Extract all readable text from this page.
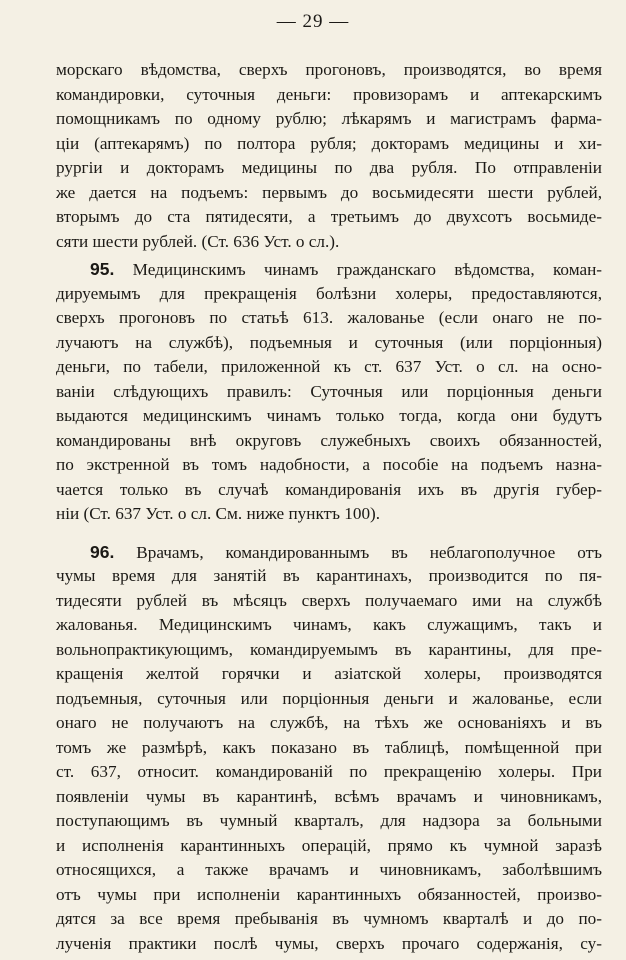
— 29 —
морскаго вѣдомства, сверхъ прогоновъ, производятся, во время
командировки, суточныя деньги: провизорамъ и аптекарскимъ
помощникамъ по одному рублю; лѣкарямъ и магистрамъ фарма-
ціи (аптекарямъ) по полтора рубля; докторамъ медицины и хи-
рургіи и докторамъ медицины по два рубля. По отправленіи
же дается на подъемъ: первымъ до восьмидесяти шести рублей,
вторымъ до ста пятидесяти, а третьимъ до двухсотъ восьмиде-
сяти шести рублей. (Ст. 636 Уст. о сл.).
95. Медицинскимъ чинамъ гражданскаго вѣдомства, коман-
дируемымъ для прекращенія болѣзни холеры, предоставляются,
сверхъ прогоновъ по статьѣ 613. жалованье (если онаго не по-
лучаютъ на службѣ), подъемныя и суточныя (или порціонныя)
деньги, по табели, приложенной къ ст. 637 Уст. о сл. на осно-
ваніи слѣдующихъ правилъ: Суточныя или порціонныя деньги
выдаются медицинскимъ чинамъ только тогда, когда они будутъ
командированы внѣ округовъ служебныхъ своихъ обязанностей,
по экстренной въ томъ надобности, а пособіе на подъемъ назна-
чается только въ случаѣ командированія ихъ въ другія губер-
ніи (Ст. 637 Уст. о сл. См. ниже пунктъ 100).
96. Врачамъ, командированнымъ въ неблагополучное отъ
чумы время для занятій въ карантинахъ, производится по пя-
тидесяти рублей въ мѣсяцъ сверхъ получаемаго ими на службѣ
жалованья. Медицинскимъ чинамъ, какъ служащимъ, такъ и
вольнопрактикующимъ, командируемымъ въ карантины, для пре-
кращенія желтой горячки и азіатской холеры, производятся
подъемныя, суточныя или порціонныя деньги и жалованье, если
онаго не получаютъ на службѣ, на тѣхъ же основаніяхъ и въ
томъ же размѣрѣ, какъ показано въ таблицѣ, помѣщенной при
ст. 637, относит. командированій по прекращенію холеры. При
появленіи чумы въ карантинѣ, всѣмъ врачамъ и чиновникамъ,
поступающимъ въ чумный кварталъ, для надзора за больными
и исполненія карантинныхъ операцій, прямо къ чумной заразѣ
относящихся, а также врачамъ и чиновникамъ, заболѣвшимъ
отъ чумы при исполненіи карантинныхъ обязанностей, произво-
дятся за все время пребыванія въ чумномъ кварталѣ и до по-
лученія практики послѣ чумы, сверхъ прочаго содержанія, су-
